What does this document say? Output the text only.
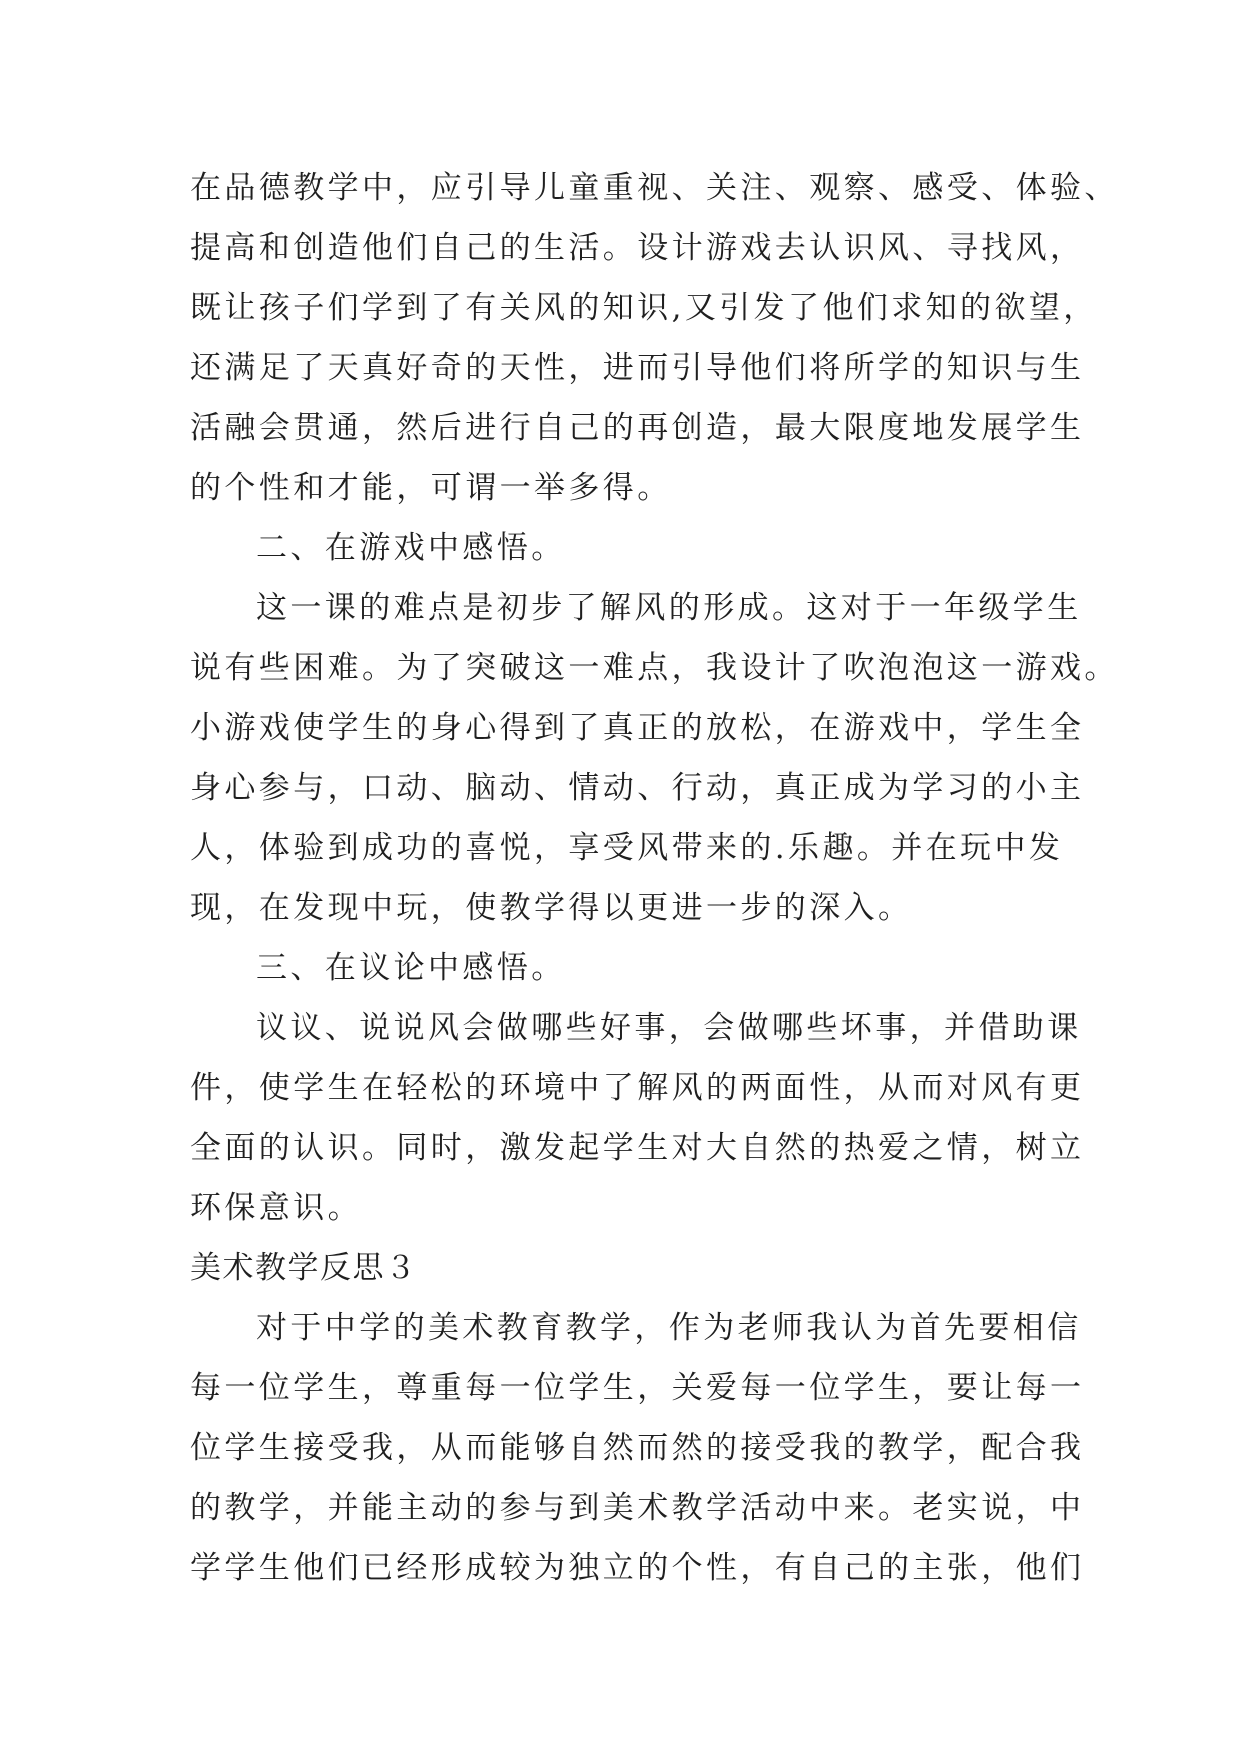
在品德教学中，应引导儿童重视、关注、观察、感受、体验、
提高和创造他们自己的生活。设计游戏去认识风、寻找风，
既让孩子们学到了有关风的知识,又引发了他们求知的欲望，
还满足了天真好奇的天性，进而引导他们将所学的知识与生
活融会贯通，然后进行自己的再创造，最大限度地发展学生
的个性和才能，可谓一举多得。
二、在游戏中感悟。
这一课的难点是初步了解风的形成。这对于一年级学生
说有些困难。为了突破这一难点，我设计了吹泡泡这一游戏。
小游戏使学生的身心得到了真正的放松，在游戏中，学生全
身心参与，口动、脑动、情动、行动，真正成为学习的小主
人，体验到成功的喜悦，享受风带来的.乐趣。并在玩中发
现，在发现中玩，使教学得以更进一步的深入。
三、在议论中感悟。
议议、说说风会做哪些好事，会做哪些坏事，并借助课
件，使学生在轻松的环境中了解风的两面性，从而对风有更
全面的认识。同时，激发起学生对大自然的热爱之情，树立
环保意识。
美术教学反思３
对于中学的美术教育教学，作为老师我认为首先要相信
每一位学生，尊重每一位学生，关爱每一位学生，要让每一
位学生接受我，从而能够自然而然的接受我的教学，配合我
的教学，并能主动的参与到美术教学活动中来。老实说，中
学学生他们已经形成较为独立的个性，有自己的主张，他们
